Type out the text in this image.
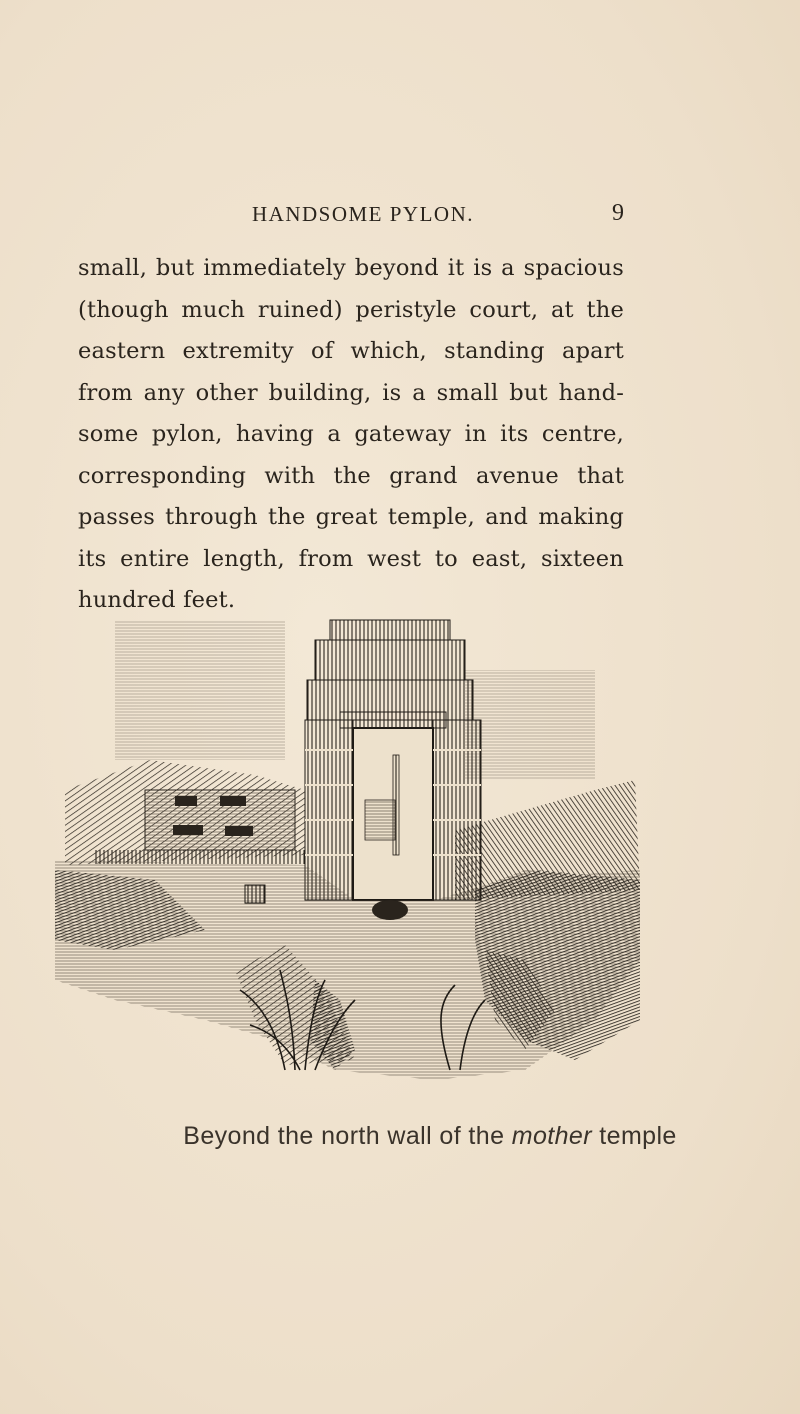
HANDSOME PYLON.	9
small, but immediately beyond it is a spacious
(though much ruined) peristyle court, at the
eastern extremity of which, standing apart
from any other building, is a small but hand-
some pylon, having a gateway in its centre,
corresponding with the grand avenue that
passes through the great temple, and making
its entire length, from west to east, sixteen
hundred feet.
Beyond the north wall of the mother temple
